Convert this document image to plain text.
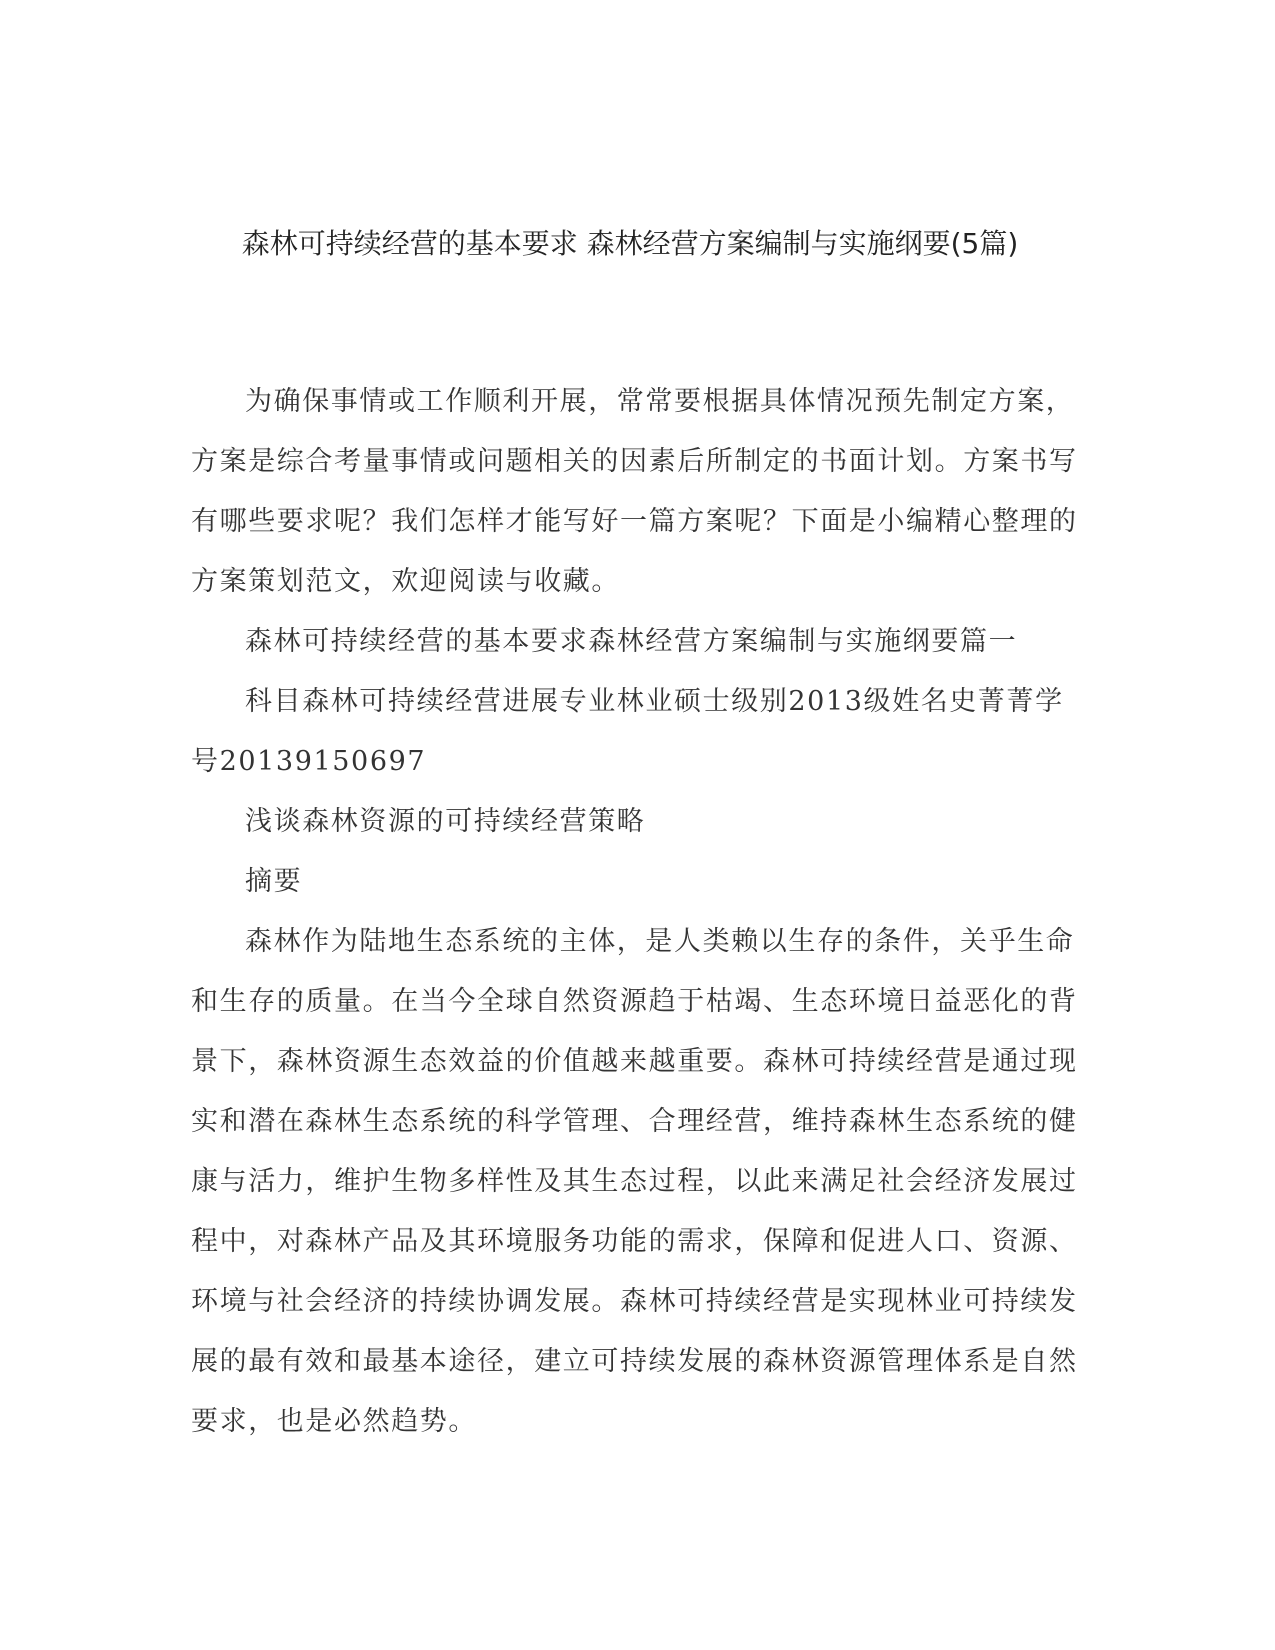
森林可持续经营的基本要求 森林经营方案编制与实施纲要(5篇)

为确保事情或工作顺利开展，常常要根据具体情况预先制定方案，方案是综合考量事情或问题相关的因素后所制定的书面计划。方案书写有哪些要求呢？我们怎样才能写好一篇方案呢？下面是小编精心整理的方案策划范文，欢迎阅读与收藏。

森林可持续经营的基本要求森林经营方案编制与实施纲要篇一

科目森林可持续经营进展专业林业硕士级别2013级姓名史菁菁学号20139150697

浅谈森林资源的可持续经营策略

摘要

森林作为陆地生态系统的主体，是人类赖以生存的条件，关乎生命和生存的质量。在当今全球自然资源趋于枯竭、生态环境日益恶化的背景下，森林资源生态效益的价值越来越重要。森林可持续经营是通过现实和潜在森林生态系统的科学管理、合理经营，维持森林生态系统的健康与活力，维护生物多样性及其生态过程，以此来满足社会经济发展过程中，对森林产品及其环境服务功能的需求，保障和促进人口、资源、环境与社会经济的持续协调发展。森林可持续经营是实现林业可持续发展的最有效和最基本途径，建立可持续发展的森林资源管理体系是自然要求，也是必然趋势。
